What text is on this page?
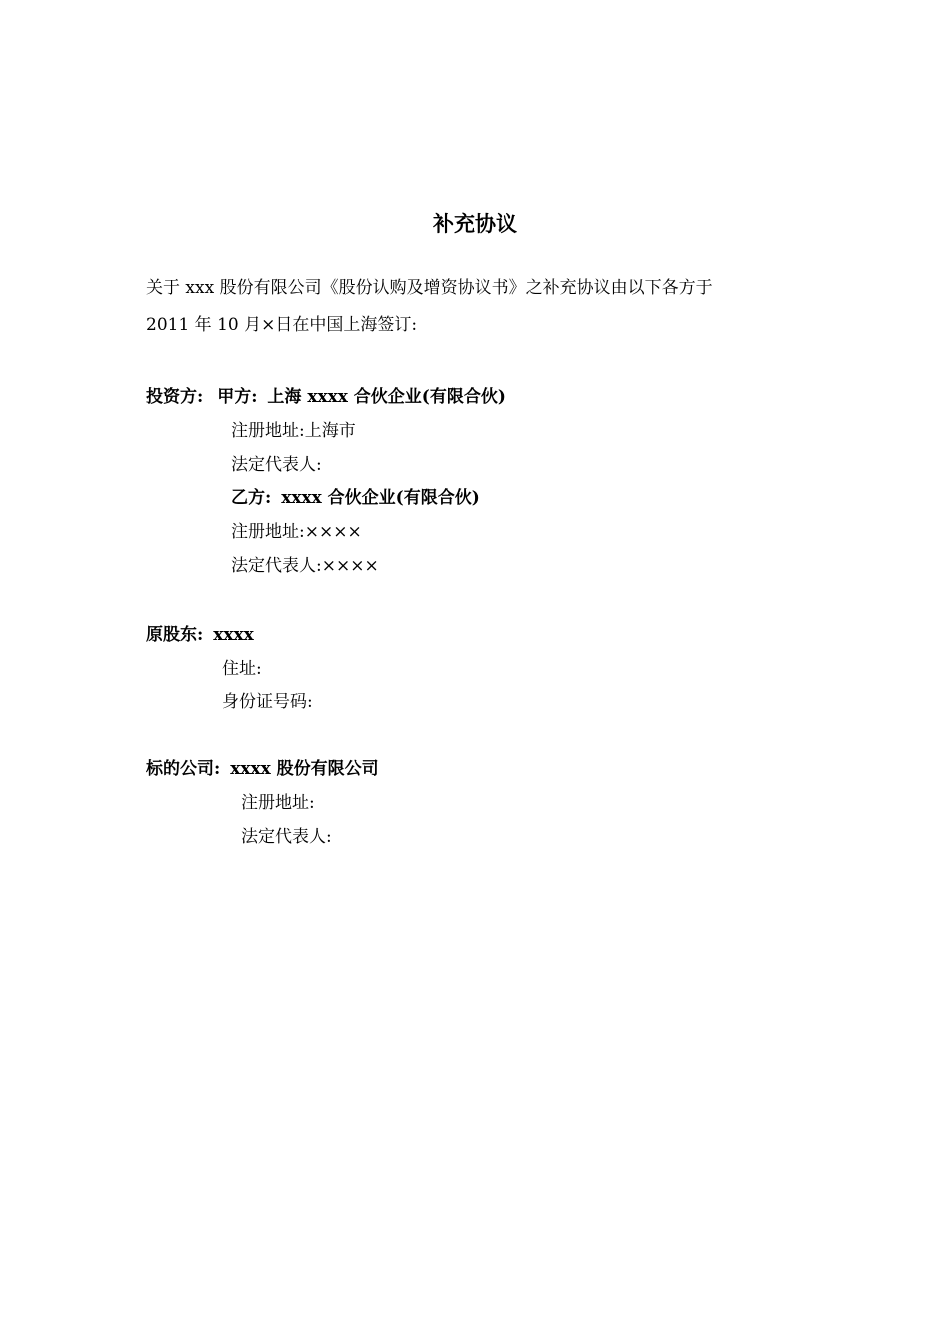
补充协议
关于 xxx 股份有限公司《股份认购及增资协议书》之补充协议由以下各方于
2011 年 10 月×日在中国上海签订:
投资方: 甲方: 上海 xxxx 合伙企业(有限合伙)
注册地址:上海市
法定代表人:
乙方: xxxx 合伙企业(有限合伙)
注册地址:××××
法定代表人:××××
原股东: xxxx
住址:
身份证号码:
标的公司: xxxx 股份有限公司
注册地址:
法定代表人:
